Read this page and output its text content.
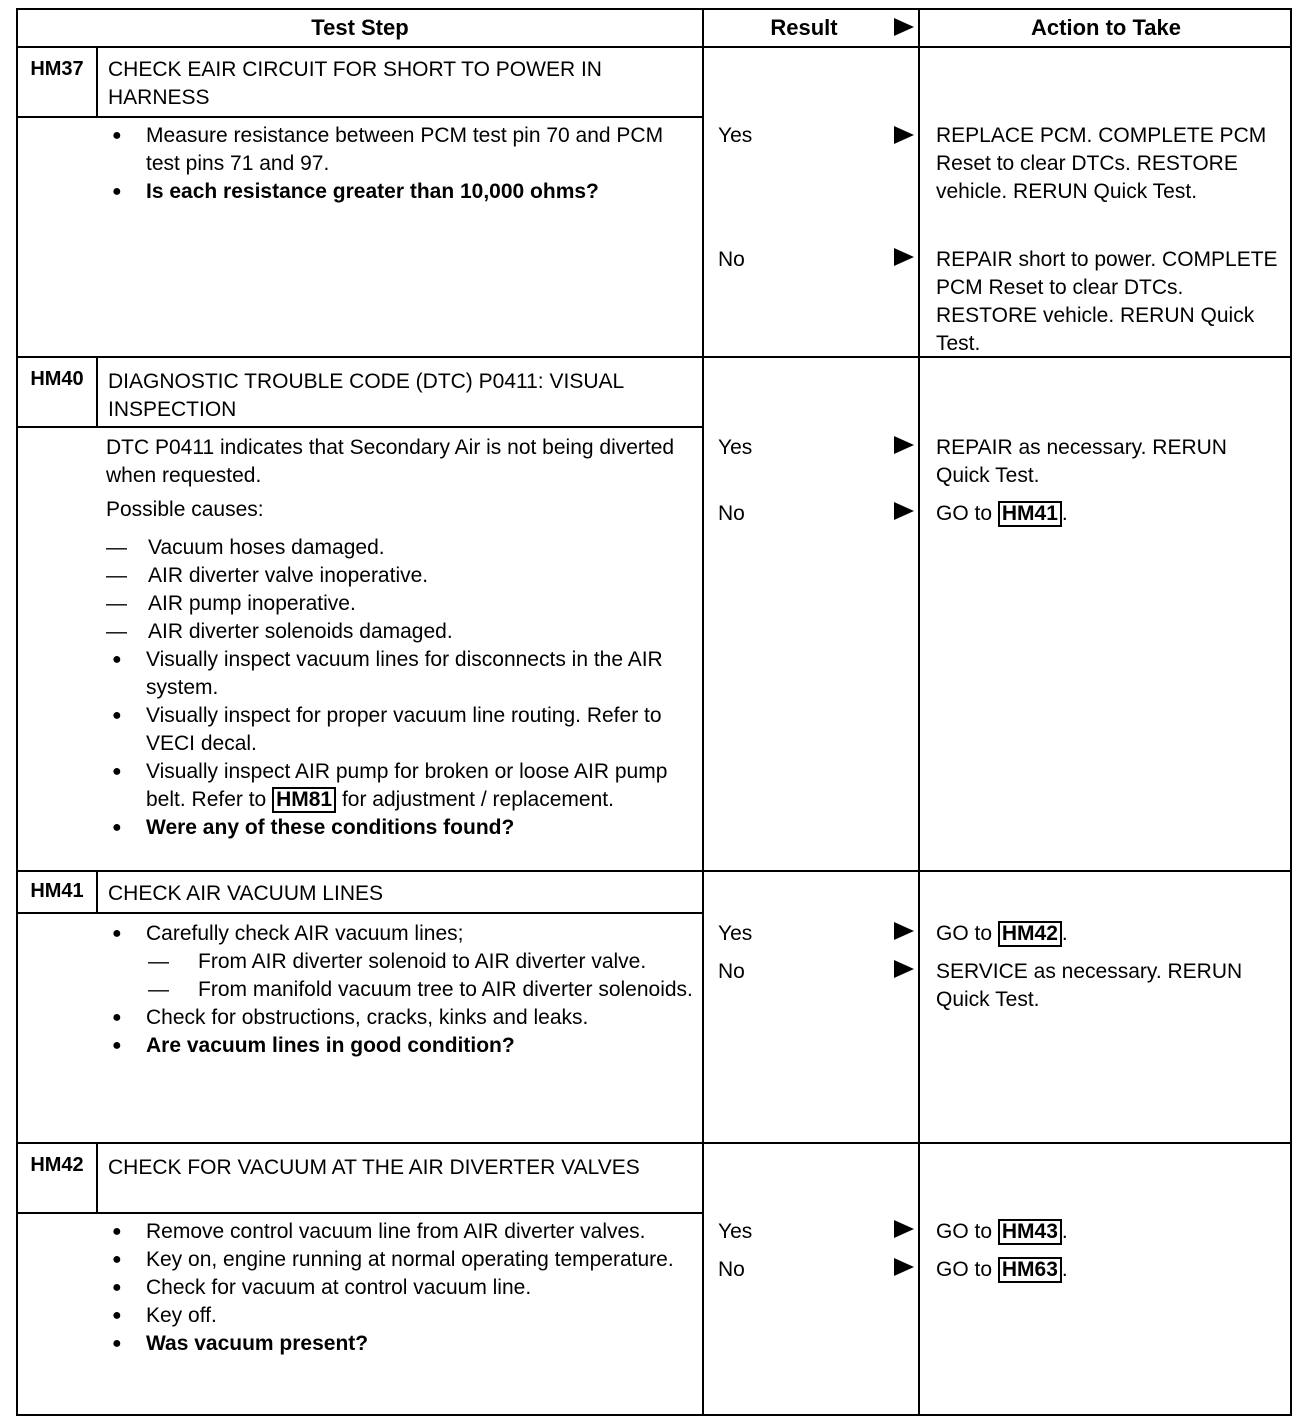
Test Step	Result	Action to Take
HM37	CHECK EAIR CIRCUIT FOR SHORT TO POWER IN HARNESS

● Measure resistance between PCM test pin 70 and PCM test pins 71 and 97.

● Is each resistance greater than 10,000 ohms?

Yes	REPLACE PCM. COMPLETE PCM Reset to clear DTCs. RESTORE vehicle. RERUN Quick Test.
No	REPAIR short to power. COMPLETE PCM Reset to clear DTCs. RESTORE vehicle. RERUN Quick Test.
HM40	DIAGNOSTIC TROUBLE CODE (DTC) P0411: VISUAL INSPECTION

DTC P0411 indicates that Secondary Air is not being diverted when requested.

Possible causes:

— Vacuum hoses damaged.

— AIR diverter valve inoperative.

— AIR pump inoperative.

— AIR diverter solenoids damaged.

● Visually inspect vacuum lines for disconnects in the AIR system.

● Visually inspect for proper vacuum line routing. Refer to VECI decal.

● Visually inspect AIR pump for broken or loose AIR pump belt. Refer to HM81 for adjustment / replacement.

● Were any of these conditions found?

Yes	REPAIR as necessary. RERUN Quick Test.
No	GO to HM41 .
HM41	CHECK AIR VACUUM LINES

● Carefully check AIR vacuum lines;

— From AIR diverter solenoid to AIR diverter valve.

— From manifold vacuum tree to AIR diverter solenoids.

● Check for obstructions, cracks, kinks and leaks.

● Are vacuum lines in good condition?

Yes	GO to HM42 .
No	SERVICE as necessary. RERUN Quick Test.
HM42	CHECK FOR VACUUM AT THE AIR DIVERTER VALVES

● Remove control vacuum line from AIR diverter valves.

● Key on, engine running at normal operating temperature.

● Check for vacuum at control vacuum line.

● Key off.

● Was vacuum present?

Yes	GO to HM43 .
No	GO to HM63 .
